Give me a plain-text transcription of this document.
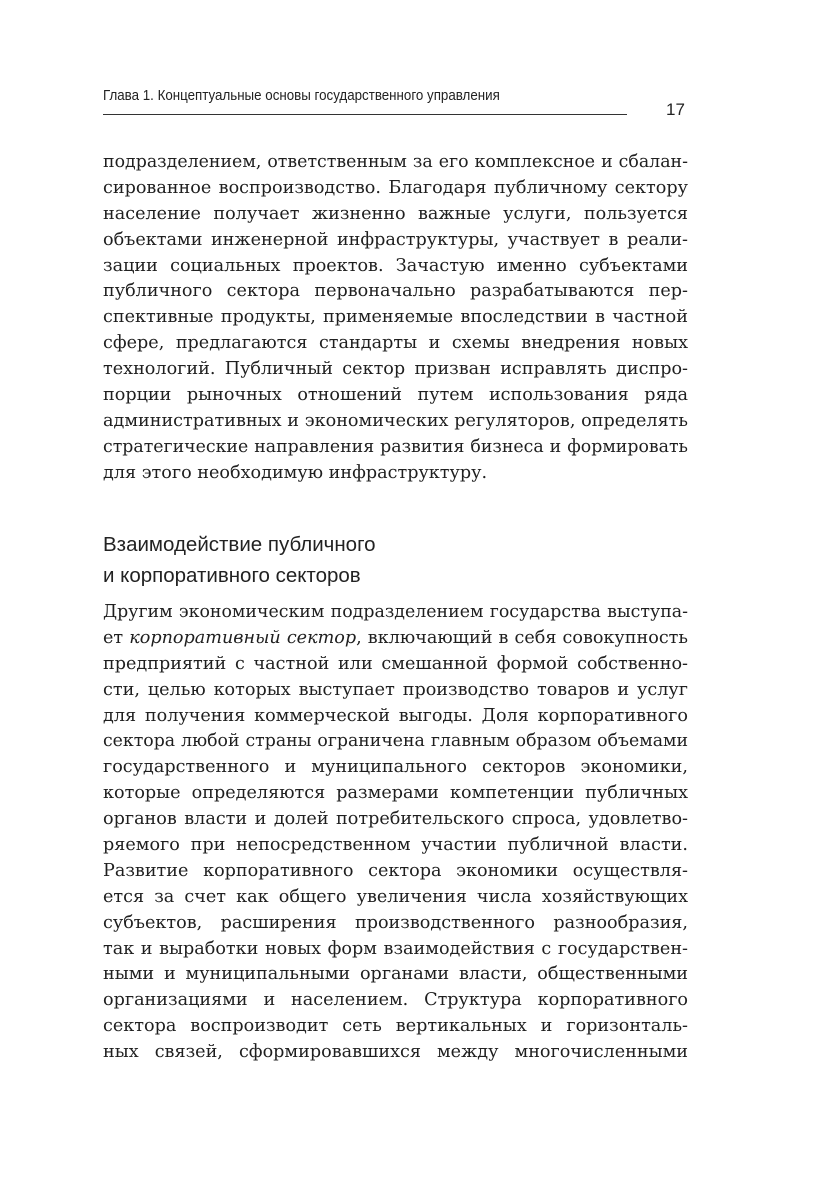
Глава 1. Концептуальные основы государственного управления
17
подразделением, ответственным за его комплексное и сбалан-
сированное воспроизводство. Благодаря публичному сектору
население получает жизненно важные услуги, пользуется
объектами инженерной инфраструктуры, участвует в реали-
зации социальных проектов. Зачастую именно субъектами
публичного сектора первоначально разрабатываются пер-
спективные продукты, применяемые впоследствии в частной
сфере, предлагаются стандарты и схемы внедрения новых
технологий. Публичный сектор призван исправлять диспро-
порции рыночных отношений путем использования ряда
административных и экономических регуляторов, определять
стратегические направления развития бизнеса и формировать
для этого необходимую инфраструктуру.
Взаимодействие публичного
и корпоративного секторов
Другим экономическим подразделением государства выступа-
ет корпоративный сектор, включающий в себя совокупность
предприятий с частной или смешанной формой собственно-
сти, целью которых выступает производство товаров и услуг
для получения коммерческой выгоды. Доля корпоративного
сектора любой страны ограничена главным образом объемами
государственного и муниципального секторов экономики,
которые определяются размерами компетенции публичных
органов власти и долей потребительского спроса, удовлетво-
ряемого при непосредственном участии публичной власти.
Развитие корпоративного сектора экономики осуществля-
ется за счет как общего увеличения числа хозяйствующих
субъектов, расширения производственного разнообразия,
так и выработки новых форм взаимодействия с государствен-
ными и муниципальными органами власти, общественными
организациями и населением. Структура корпоративного
сектора воспроизводит сеть вертикальных и горизонталь-
ных связей, сформировавшихся между многочисленными
